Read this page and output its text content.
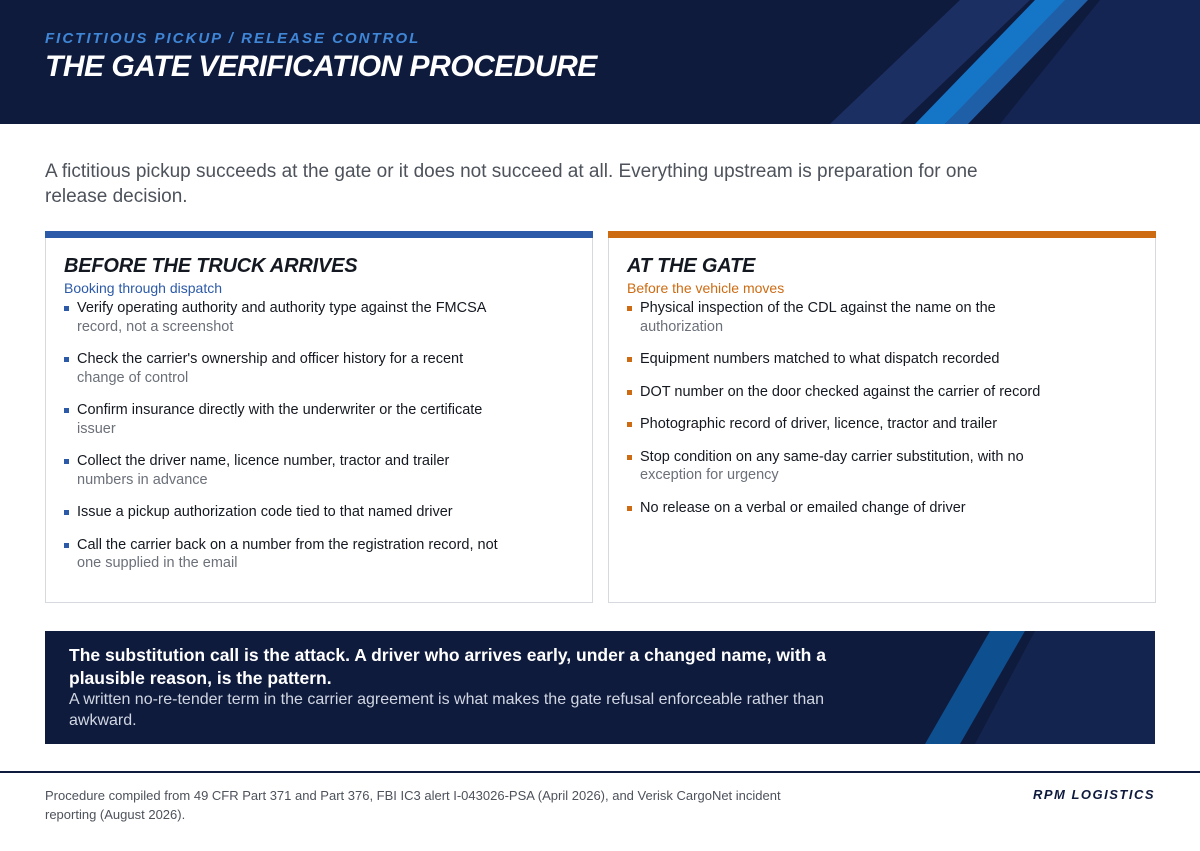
FICTITIOUS PICKUP / RELEASE CONTROL
THE GATE VERIFICATION PROCEDURE

A fictitious pickup succeeds at the gate or it does not succeed at all. Everything upstream is preparation for one release decision.

BEFORE THE TRUCK ARRIVES
Booking through dispatch
Verify operating authority and authority type against the FMCSA
record, not a screenshot
Check the carrier's ownership and officer history for a recent
change of control
Confirm insurance directly with the underwriter or the certificate
issuer
Collect the driver name, licence number, tractor and trailer
numbers in advance
Issue a pickup authorization code tied to that named driver
Call the carrier back on a number from the registration record, not
one supplied in the email
AT THE GATE
Before the vehicle moves
Physical inspection of the CDL against the name on the
authorization
Equipment numbers matched to what dispatch recorded
DOT number on the door checked against the carrier of record
Photographic record of driver, licence, tractor and trailer
Stop condition on any same-day carrier substitution, with no
exception for urgency
No release on a verbal or emailed change of driver
The substitution call is the attack. A driver who arrives early, under a changed name, with a plausible reason, is the pattern.
A written no-re-tender term in the carrier agreement is what makes the gate refusal enforceable rather than awkward.
Procedure compiled from 49 CFR Part 371 and Part 376, FBI IC3 alert I-043026-PSA (April 2026), and Verisk CargoNet incident reporting (August 2026).
RPM LOGISTICS
